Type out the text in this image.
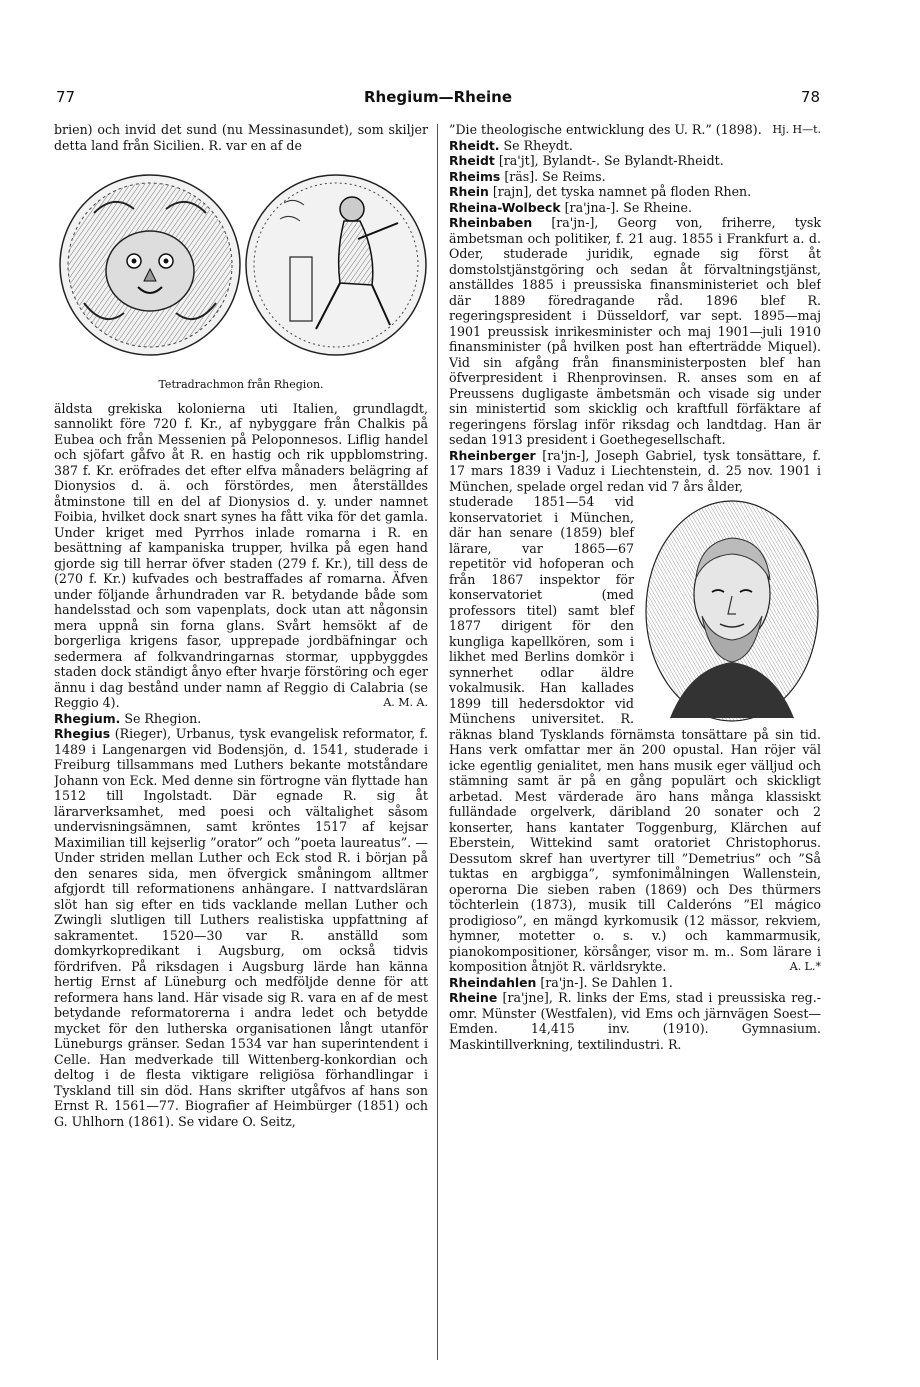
77	Rhegium—Rheine	78

brien) och invid det sund (nu Messinasundet), som skiljer detta land från Sicilien. R. var en af de

Tetradrachmon från Rhegion.

äldsta grekiska kolonierna uti Italien, grundlagdt, sannolikt före 720 f. Kr., af nybyggare från Chalkis på Eubea och från Messenien på Peloponnesos. Liflig handel och sjöfart gåfvo åt R. en hastig och rik uppblomstring. 387 f. Kr. eröfrades det efter elfva månaders belägring af Dionysios d. ä. och förstördes, men återställdes åtminstone till en del af Dionysios d. y. under namnet Foibia, hvilket dock snart synes ha fått vika för det gamla. Under kriget med Pyrrhos inlade romarna i R. en besättning af kampaniska trupper, hvilka på egen hand gjorde sig till herrar öfver staden (279 f. Kr.), till dess de (270 f. Kr.) kufvades och bestraffades af romarna. Äfven under följande århundraden var R. betydande både som handelsstad och som vapenplats, dock utan att någonsin mera uppnå sin forna glans. Svårt hemsökt af de borgerliga krigens fasor, upprepade jordbäfningar och sedermera af folkvandringarnas stormar, uppbyggdes staden dock ständigt ånyo efter hvarje förstöring och eger ännu i dag bestånd under namn af Reggio di Calabria (se Reggio 4).	A. M. A.

Rhegium. Se Rhegion.

Rhegius (Rieger), Urbanus, tysk evangelisk reformator, f. 1489 i Langenargen vid Bodensjön, d. 1541, studerade i Freiburg tillsammans med Luthers bekante motståndare Johann von Eck. Med denne sin förtrogne vän flyttade han 1512 till Ingolstadt. Där egnade R. sig åt lärarverksamhet, med poesi och vältalighet såsom undervisningsämnen, samt kröntes 1517 af kejsar Maximilian till kejserlig ”orator” och ”poeta laureatus”. — Under striden mellan Luther och Eck stod R. i början på den senares sida, men öfvergick småningom alltmer afgjordt till reformationens anhängare. I nattvardsläran slöt han sig efter en tids vacklande mellan Luther och Zwingli slutligen till Luthers realistiska uppfattning af sakramentet. 1520—30 var R. anställd som domkyrkopredikant i Augsburg, om också tidvis fördrifven. På riksdagen i Augsburg lärde han känna hertig Ernst af Lüneburg och medföljde denne för att reformera hans land. Här visade sig R. vara en af de mest betydande reformatorerna i andra ledet och betydde mycket för den lutherska organisationen långt utanför Lüneburgs gränser. Sedan 1534 var han superintendent i Celle. Han medverkade till Wittenberg-konkordian och deltog i de flesta viktigare religiösa förhandlingar i Tyskland till sin död. Hans skrifter utgåfvos af hans son Ernst R. 1561—77. Biografier af Heimbürger (1851) och G. Uhlhorn (1861). Se vidare O. Seitz,

”Die theologische entwicklung des U. R.” (1898). Hj. H—t.

Rheidt. Se Rheydt.

Rheidt [ra'jt], Bylandt-. Se Bylandt-Rheidt.

Rheims [räs]. Se Reims.

Rhein [rajn], det tyska namnet på floden Rhen.

Rheina-Wolbeck [ra'jna-]. Se Rheine.

Rheinbaben [ra'jn-], Georg von, friherre, tysk ämbetsman och politiker, f. 21 aug. 1855 i Frankfurt a. d. Oder, studerade juridik, egnade sig först åt domstolstjänstgöring och sedan åt förvaltningstjänst, anställdes 1885 i preussiska finansministeriet och blef där 1889 föredragande råd. 1896 blef R. regeringspresident i Düsseldorf, var sept. 1895—maj 1901 preussisk inrikesminister och maj 1901—juli 1910 finansminister (på hvilken post han efterträdde Miquel). Vid sin afgång från finansministerposten blef han öfverpresident i Rhenprovinsen. R. anses som en af Preussens dugligaste ämbetsmän och visade sig under sin ministertid som skicklig och kraftfull förfäktare af regeringens förslag inför riksdag och landtdag. Han är sedan 1913 president i Goethegesellschaft.

Rheinberger [ra'jn-], Joseph Gabriel, tysk tonsättare, f. 17 mars 1839 i Vaduz i Liechtenstein, d. 25 nov. 1901 i München, spelade orgel redan vid 7 års ålder,

studerade 1851—54 vid konservatoriet i München, där han senare (1859) blef lärare, var 1865—67 repetitör vid hofoperan och från 1867 inspektor för konservatoriet (med professors titel) samt blef 1877 dirigent för den kungliga kapellkören, som i likhet med Berlins domkör i synnerhet odlar äldre vokalmusik. Han kallades 1899 till hedersdoktor vid Münchens universitet. R. räknas bland Tysklands förnämsta tonsättare på sin tid. Hans verk omfattar mer än 200 opustal. Han röjer väl icke egentlig genialitet, men hans musik eger välljud och stämning samt är på en gång populärt och skickligt arbetad. Mest värderade äro hans många klassiskt fulländade orgelverk, däribland 20 sonater och 2 konserter, hans kantater Toggenburg, Klärchen auf Eberstein, Wittekind samt oratoriet Christophorus. Dessutom skref han uvertyrer till ”Demetrius” och ”Så tuktas en argbigga”, symfonimålningen Wallenstein, operorna Die sieben raben (1869) och Des thürmers töchterlein (1873), musik till Calderóns ”El mágico prodigioso”, en mängd kyrkomusik (12 mässor, rekviem, hymner, motetter o. s. v.) och kammarmusik, pianokompositioner, körsånger, visor m. m.. Som lärare i komposition åtnjöt R. världsrykte.	A. L.*

Rheindahlen [ra'jn-]. Se Dahlen 1.

Rheine [ra'jne], R. links der Ems, stad i preussiska reg.-omr. Münster (Westfalen), vid Ems och järnvägen Soest—Emden. 14,415 inv. (1910). Gymnasium. Maskintillverkning, textilindustri. R.
